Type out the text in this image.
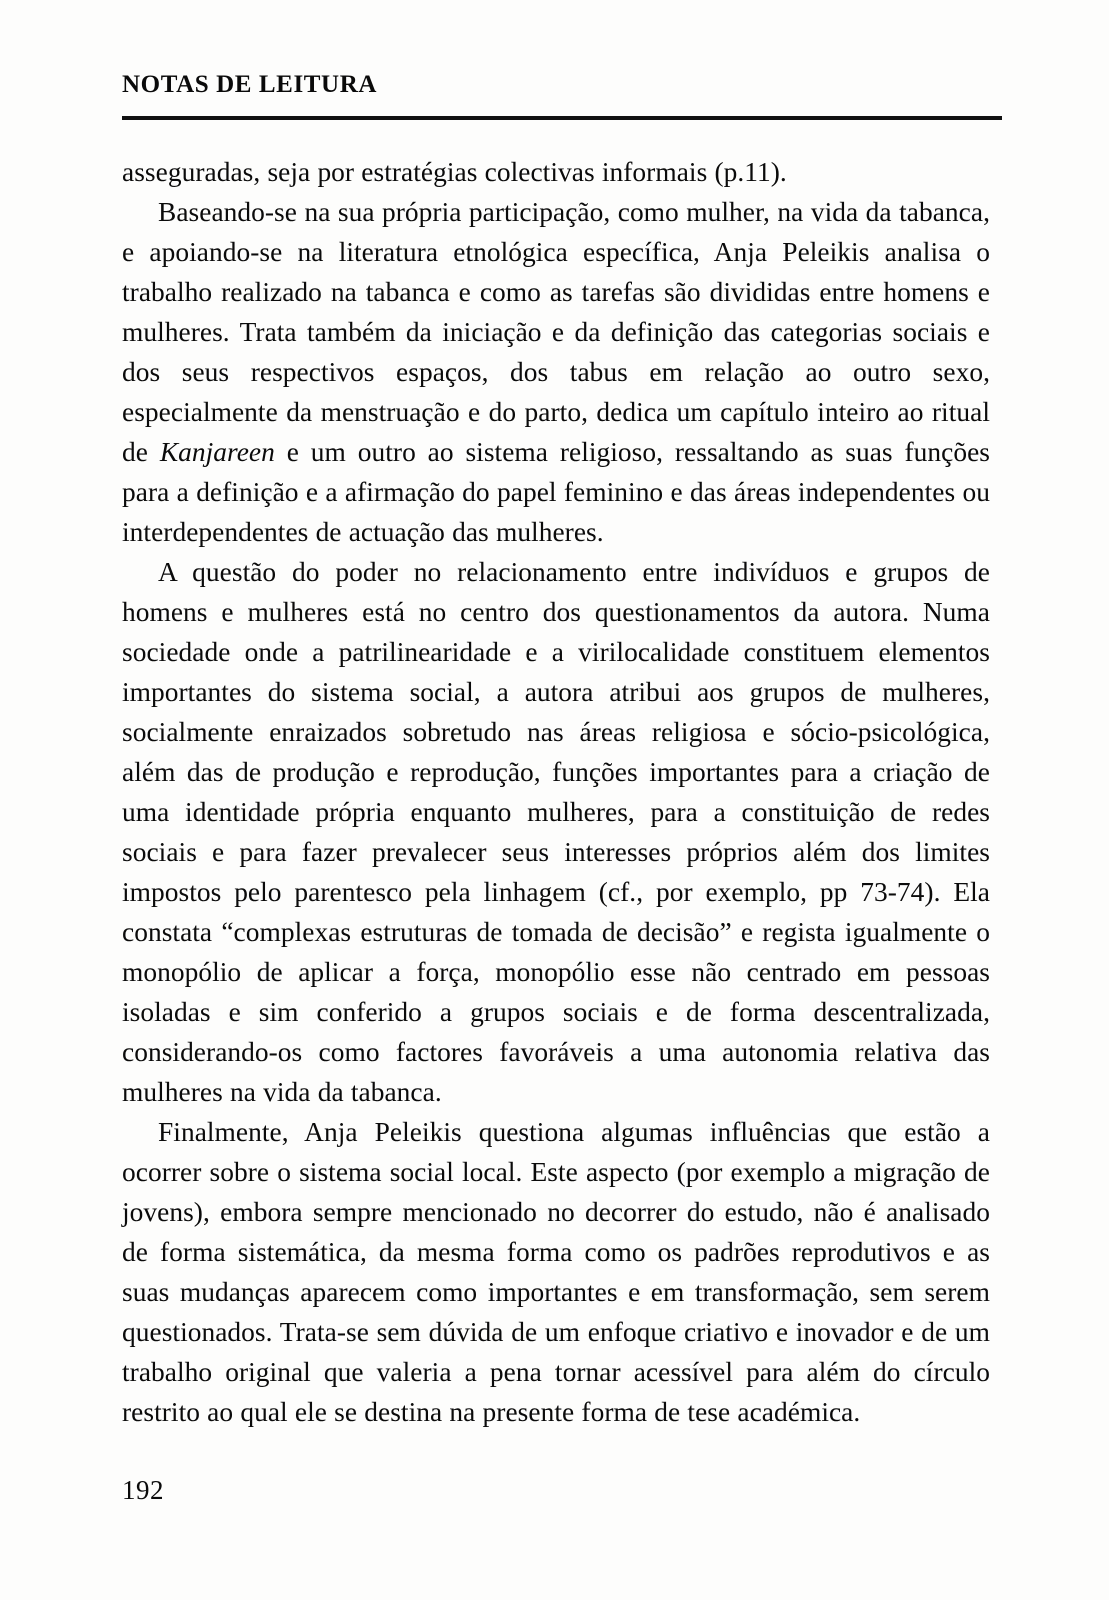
NOTAS DE LEITURA

asseguradas, seja por estratégias colectivas informais (p.11).

Baseando-se na sua própria participação, como mulher, na vida da tabanca, e apoiando-se na literatura etnológica específica, Anja Peleikis analisa o trabalho realizado na tabanca e como as tarefas são divididas entre homens e mulheres. Trata também da iniciação e da definição das categorias sociais e dos seus respectivos espaços, dos tabus em relação ao outro sexo, especialmente da menstruação e do parto, dedica um capítulo inteiro ao ritual de Kanjareen e um outro ao sistema religioso, ressaltando as suas funções para a definição e a afirmação do papel feminino e das áreas independentes ou interdependentes de actuação das mulheres.

A questão do poder no relacionamento entre indivíduos e grupos de homens e mulheres está no centro dos questionamentos da autora. Numa sociedade onde a patrilinearidade e a virilocalidade constituem elementos importantes do sistema social, a autora atribui aos grupos de mulheres, socialmente enraizados sobretudo nas áreas religiosa e sócio-psicológica, além das de produção e reprodução, funções importantes para a criação de uma identidade própria enquanto mulheres, para a constituição de redes sociais e para fazer prevalecer seus interesses próprios além dos limites impostos pelo parentesco pela linhagem (cf., por exemplo, pp 73-74). Ela constata “complexas estruturas de tomada de decisão” e regista igualmente o monopólio de aplicar a força, monopólio esse não centrado em pessoas isoladas e sim conferido a grupos sociais e de forma descentralizada, considerando-os como factores favoráveis a uma autonomia relativa das mulheres na vida da tabanca.

Finalmente, Anja Peleikis questiona algumas influências que estão a ocorrer sobre o sistema social local. Este aspecto (por exemplo a migração de jovens), embora sempre mencionado no decorrer do estudo, não é analisado de forma sistemática, da mesma forma como os padrões reprodutivos e as suas mudanças aparecem como importantes e em transformação, sem serem questionados. Trata-se sem dúvida de um enfoque criativo e inovador e de um trabalho original que valeria a pena tornar acessível para além do círculo restrito ao qual ele se destina na presente forma de tese académica.

192
